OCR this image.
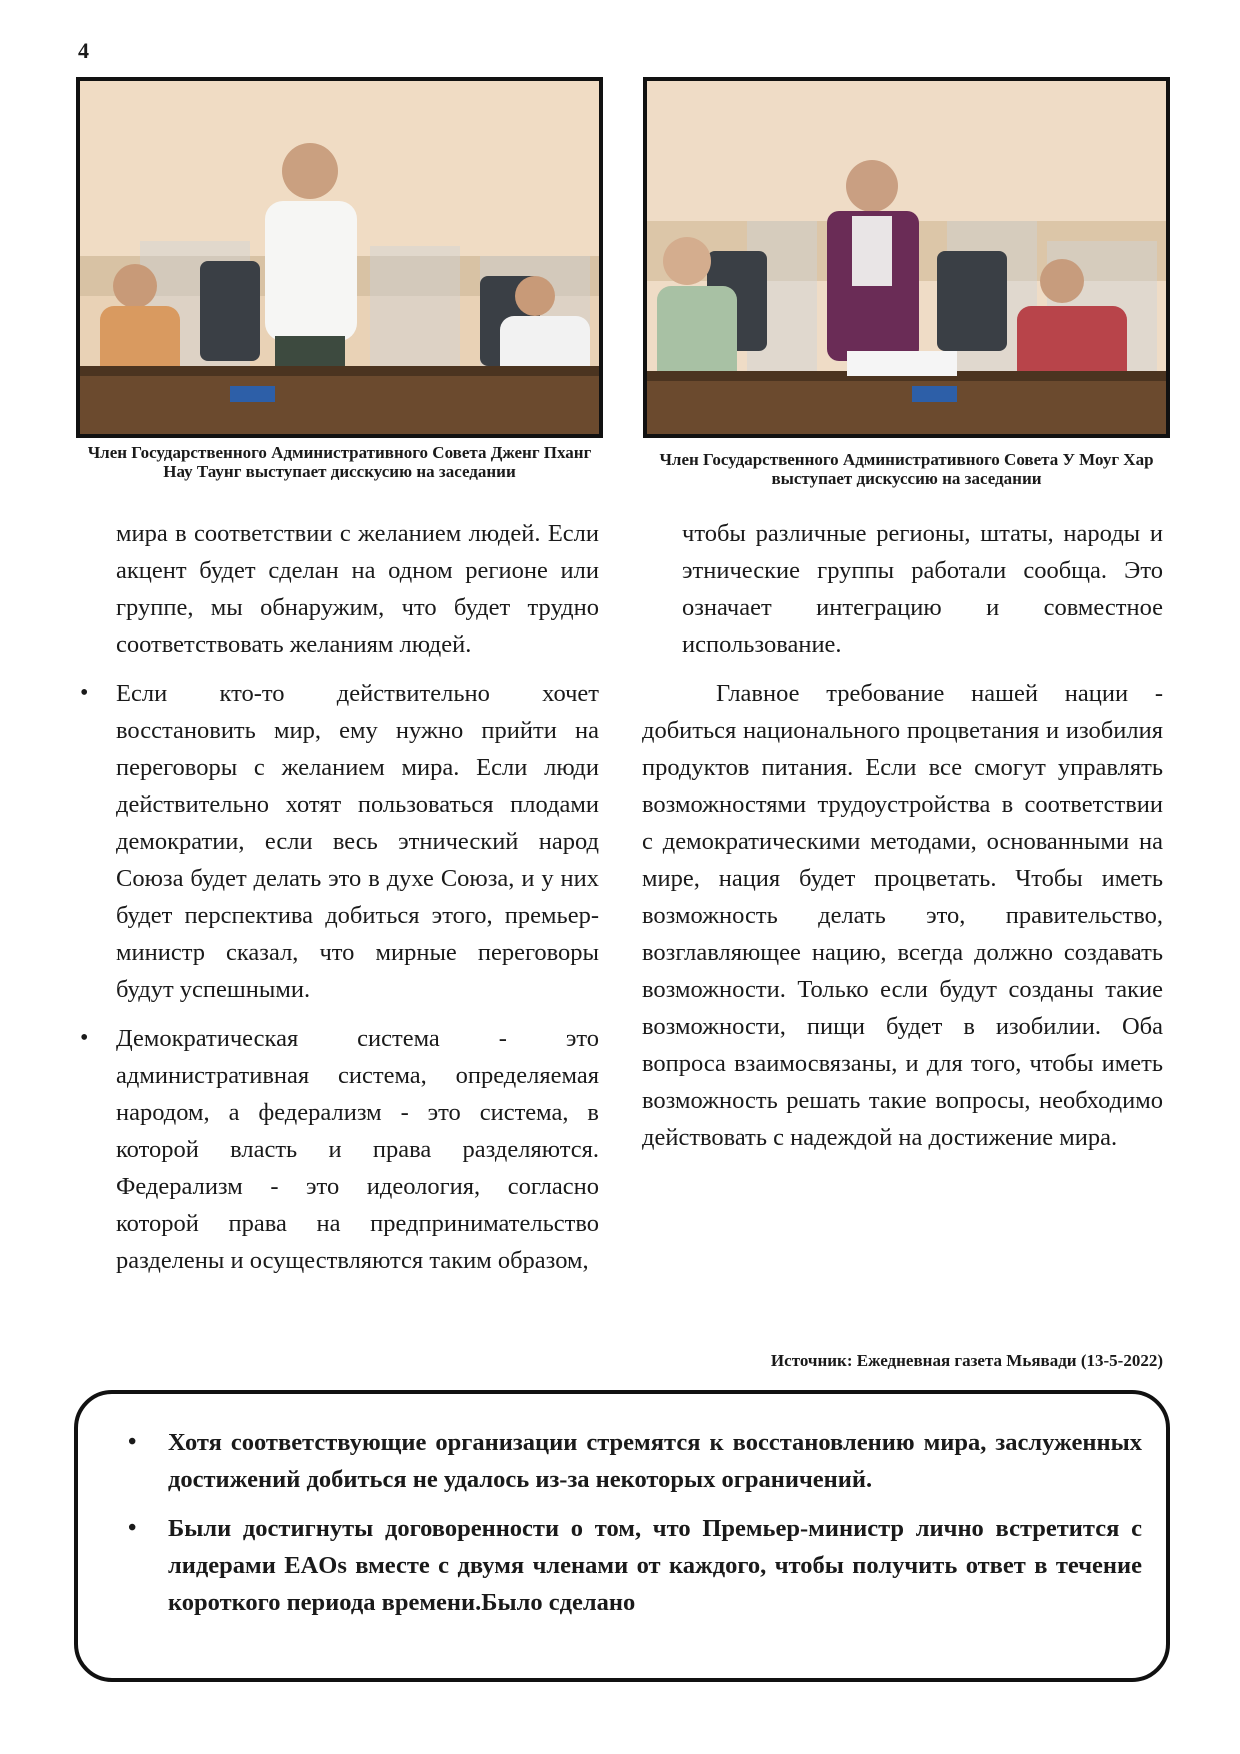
4
Член Государственного Административного Совета Дженг Пханг Нау Таунг выступает дисскусию на заседании
Член Государственного Административного Совета У Моуг Хар выступает дискуссию на заседании

мира в соответствии с желанием людей. Если акцент будет сделан на одном регионе или группе, мы обнаружим, что будет трудно соответствовать желаниям людей.

• Если кто-то действительно хочет восстановить мир, ему нужно прийти на переговоры с желанием мира. Если люди действительно хотят пользоваться плодами демократии, если весь этнический народ Союза будет делать это в духе Союза, и у них будет перспектива добиться этого, премьер-министр сказал, что мирные переговоры будут успешными.
• Демократическая система - это административная система, определяемая народом, а федерализм - это система, в которой власть и права разделяются. Федерализм - это идеология, согласно которой права на предпринимательство разделены и осуществляются таким образом,

чтобы различные регионы, штаты, народы и этнические группы работали сообща. Это означает интеграцию и совместное использование.

Главное требование нашей нации - добиться национального процветания и изобилия продуктов питания. Если все смогут управлять возможностями трудоустройства в соответствии с демократическими методами, основанными на мире, нация будет процветать. Чтобы иметь возможность делать это, правительство, возглавляющее нацию, всегда должно создавать возможности. Только если будут созданы такие возможности, пищи будет в изобилии. Оба вопроса взаимосвязаны, и для того, чтобы иметь возможность решать такие вопросы, необходимо действовать с надеждой на достижение мира.

Источник: Ежедневная газета Мьявади (13-5-2022)
• Хотя соответствующие организации стремятся к восстановлению мира, заслуженных достижений добиться не удалось из-за некоторых ограничений.
• Были достигнуты договоренности о том, что Премьер-министр лично встретится с лидерами EAOs вместе с двумя членами от каждого, чтобы получить ответ в течение короткого периода времени.Было сделано
